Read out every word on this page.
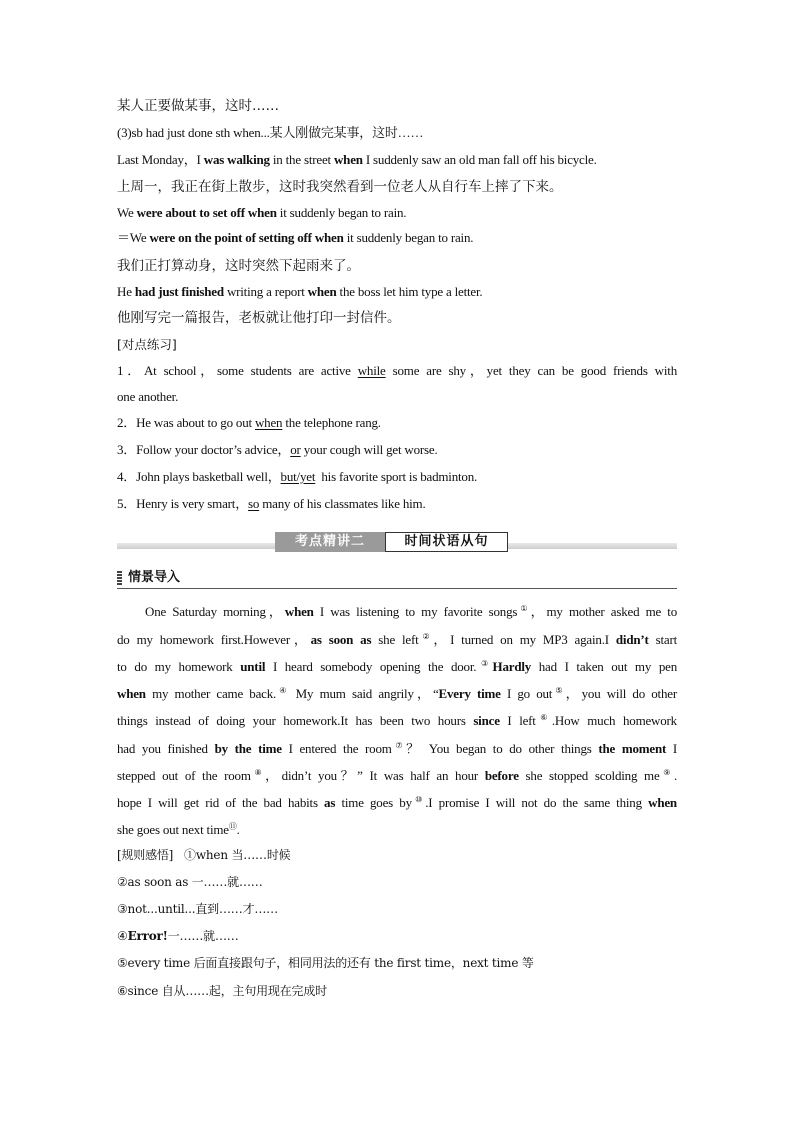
某人正要做某事，这时……
(3)sb had just done sth when...某人刚做完某事，这时……
Last Monday，I was walking in the street when I suddenly saw an old man fall off his bicycle.
上周一，我正在街上散步，这时我突然看到一位老人从自行车上摔了下来。
We were about to set off when it suddenly began to rain.
＝We were on the point of setting off when it suddenly began to rain.
我们正打算动身，这时突然下起雨来了。
He had just finished writing a report when the boss let him type a letter.
他刚写完一篇报告，老板就让他打印一封信件。
[对点练习]
1．At school，some students are active while some are shy，yet they can be good friends with
one another.
2．He was about to go out when the telephone rang.
3．Follow your doctor’s advice，or your cough will get worse.
4．John plays basketball well，but/yet  his favorite sport is badminton.
5．Henry is very smart，so many of his classmates like him.
考点精讲二	时间状语从句
情景导入
One Saturday morning，when I was listening to my favorite songs①，my mother asked me to
do my homework first.However，as soon as she left②，I turned on my MP3 again.I didn’t start
to do my homework until I heard somebody opening the door.③Hardly had I taken out my pen
when my mother came back.④ My mum said angrily，“Every time I go out⑤，you will do other
things instead of doing your homework.It has been two hours since I left⑥.How much homework
had you finished by the time I entered the room⑦？ You began to do other things the moment I
stepped out of the room⑧，didn’t you？” It was half an hour before she stopped scolding me⑨.
hope I will get rid of the bad habits as time goes by⑩.I promise I will not do the same thing when
she goes out next time⑪.
[规则感悟] ①when 当……时候
②as soon as 一……就……
③not...until...直到……才……
④Error!一……就……
⑤every time 后面直接跟句子，相同用法的还有 the first time，next time 等
⑥since 自从……起，主句用现在完成时
